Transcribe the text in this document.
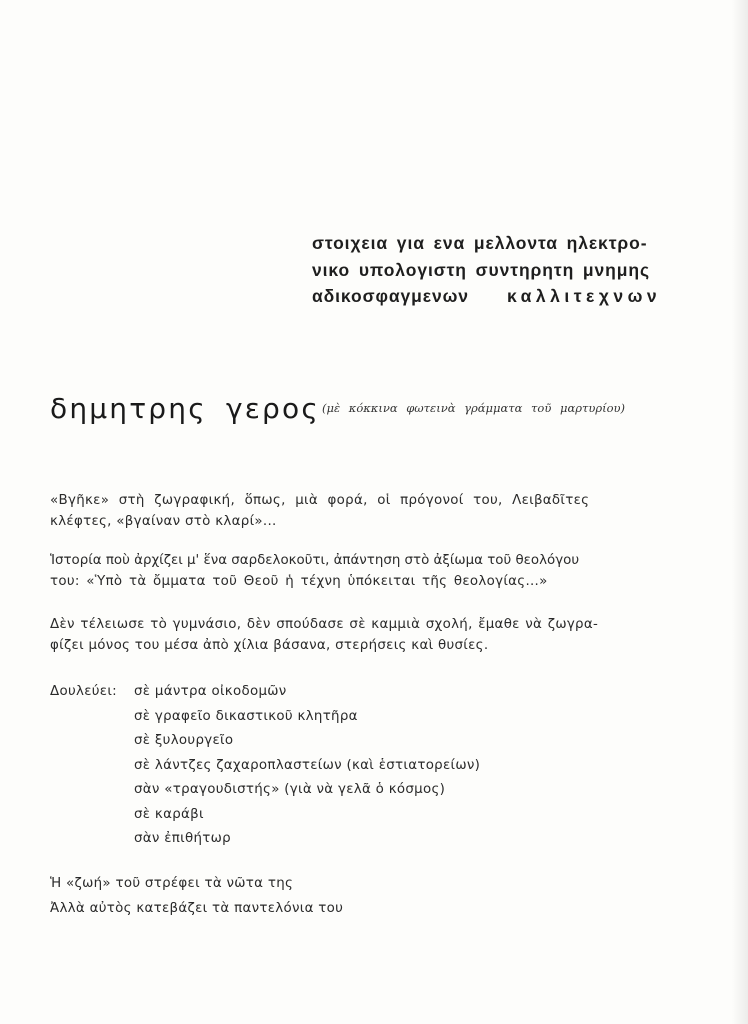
στοιχεια για ενα μελλοντα ηλεκτρο-
νικο υπολογιστη συντηρητη μνημης
αδικοσφαγμενων καλλιτεχνων
δημητρης γερος (μὲ κόκκινα φωτεινὰ γράμματα τοῦ μαρτυρίου)
«Βγῆκε» στὴ ζωγραφική, ὅπως, μιὰ φορά, οἱ πρόγονοί του, Λειβαδῖτες
κλέφτες, «βγαίναν στὸ κλαρί»...
Ἱστορία ποὺ ἀρχίζει μ' ἕνα σαρδελοκοῦτι, ἀπάντηση στὸ ἀξίωμα τοῦ θεολόγου
του: «Ὑπὸ τὰ ὄμματα τοῦ Θεοῦ ἡ τέχνη ὑπόκειται τῆς θεολογίας...»
Δὲν τέλειωσε τὸ γυμνάσιο, δὲν σπούδασε σὲ καμμιὰ σχολή, ἔμαθε νὰ ζωγρα-
φίζει μόνος του μέσα ἀπὸ χίλια βάσανα, στερήσεις καὶ θυσίες.
Δουλεύει: σὲ μάντρα οἰκοδομῶν
σὲ γραφεῖο δικαστικοῦ κλητῆρα
σὲ ξυλουργεῖο
σὲ λάντζες ζαχαροπλαστείων (καὶ ἑστιατορείων)
σὰν «τραγουδιστής» (γιὰ νὰ γελᾶ ὁ κόσμος)
σὲ καράβι
σὰν ἐπιθήτωρ
Ἡ «ζωή» τοῦ στρέφει τὰ νῶτα της
Ἀλλὰ αὐτὸς κατεβάζει τὰ παντελόνια του
